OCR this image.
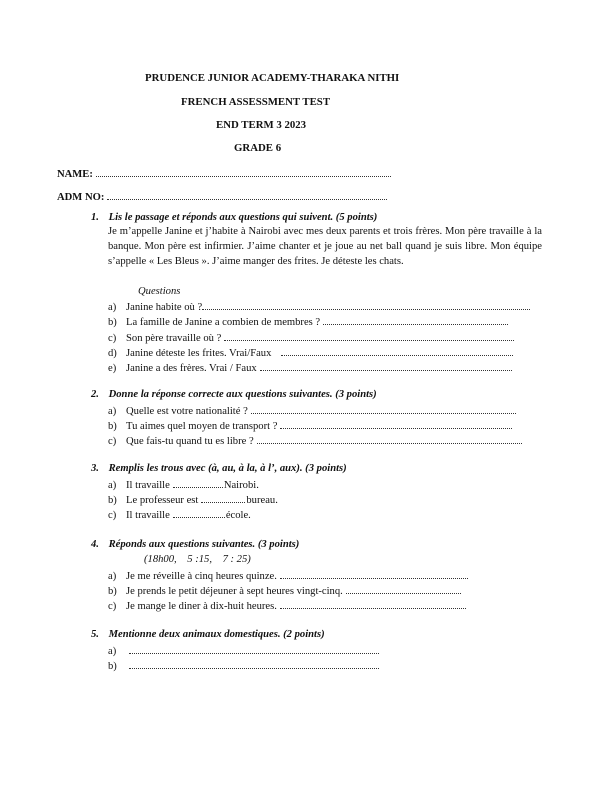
PRUDENCE JUNIOR ACADEMY-THARAKA NITHI
FRENCH ASSESSMENT TEST
END TERM 3 2023
GRADE 6
NAME:
ADM NO:
1. Lis le passage et réponds aux questions qui suivent. (5 points)
Je m’appelle Janine et j’habite à Nairobi avec mes deux parents et trois frères. Mon père travaille à la banque. Mon père est infirmier. J’aime chanter et je joue au net ball quand je suis libre. Mon équipe s’appelle « Les Bleus ». J’aime manger des frites. Je déteste les chats.
Questions
a) Janine habite où ?
b) La famille de Janine a combien de membres ?
c) Son père travaille où ?
d) Janine déteste les frites. Vrai/Faux
e) Janine a des frères. Vrai / Faux
2. Donne la réponse correcte aux questions suivantes. (3 points)
a) Quelle est votre nationalité ?
b) Tu aimes quel moyen de transport ?
c) Que fais-tu quand tu es libre ?
3. Remplis les trous avec (à, au, à la, à l’, aux). (3 points)
a) Il travaille	Nairobi.
b) Le professeur est	bureau.
c) Il travaille	école.
4. Réponds aux questions suivantes. (3 points)
(18h00,    5 :15,    7 : 25)
a) Je me réveille à cinq heures quinze.
b) Je prends le petit déjeuner à sept heures vingt-cinq.
c) Je mange le diner à dix-huit heures.
5. Mentionne deux animaux domestiques. (2 points)
a)
b)
